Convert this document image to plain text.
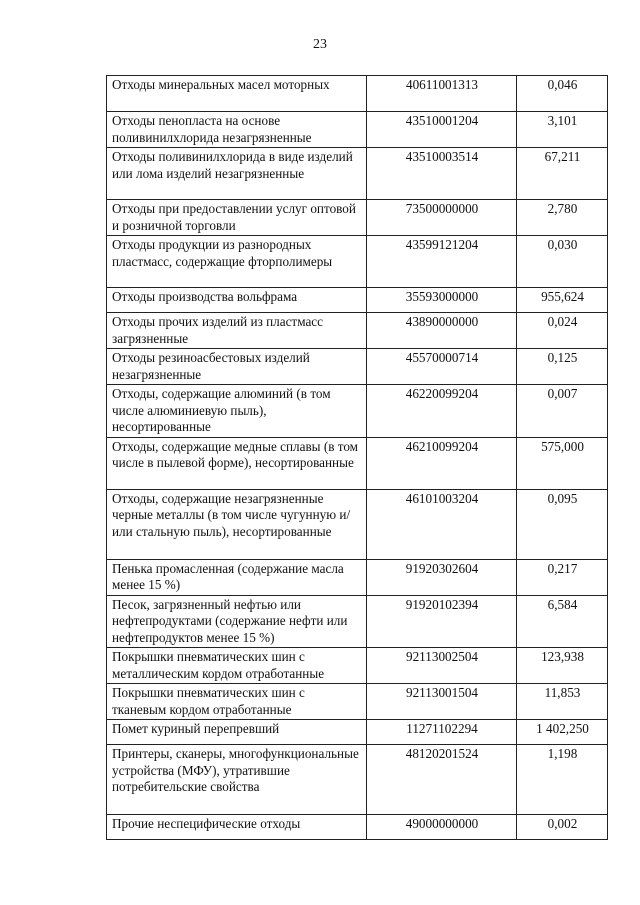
23
Отходы минеральных масел моторных	40611001313	0,046
Отходы пенопласта на основе поливинилхлорида незагрязненные	43510001204	3,101
Отходы поливинилхлорида в виде изделий или лома изделий незагрязненные	43510003514	67,211
Отходы при предоставлении услуг оптовой и розничной торговли	73500000000	2,780
Отходы продукции из разнородных пластмасс, содержащие фторполимеры	43599121204	0,030
Отходы производства вольфрама	35593000000	955,624
Отходы прочих изделий из пластмасс загрязненные	43890000000	0,024
Отходы резиноасбестовых изделий незагрязненные	45570000714	0,125
Отходы, содержащие алюминий (в том числе алюминиевую пыль), несортированные	46220099204	0,007
Отходы, содержащие медные сплавы (в том числе в пылевой форме), несортированные	46210099204	575,000
Отходы, содержащие незагрязненные черные металлы (в том числе чугунную и/или стальную пыль), несортированные	46101003204	0,095
Пенька промасленная (содержание масла менее 15 %)	91920302604	0,217
Песок, загрязненный нефтью или нефтепродуктами (содержание нефти или нефтепродуктов менее 15 %)	91920102394	6,584
Покрышки пневматических шин с металлическим кордом отработанные	92113002504	123,938
Покрышки пневматических шин с тканевым кордом отработанные	92113001504	11,853
Помет куриный перепревший	11271102294	1 402,250
Принтеры, сканеры, многофункциональные устройства (МФУ), утратившие потребительские свойства	48120201524	1,198
Прочие неспецифические отходы	49000000000	0,002
